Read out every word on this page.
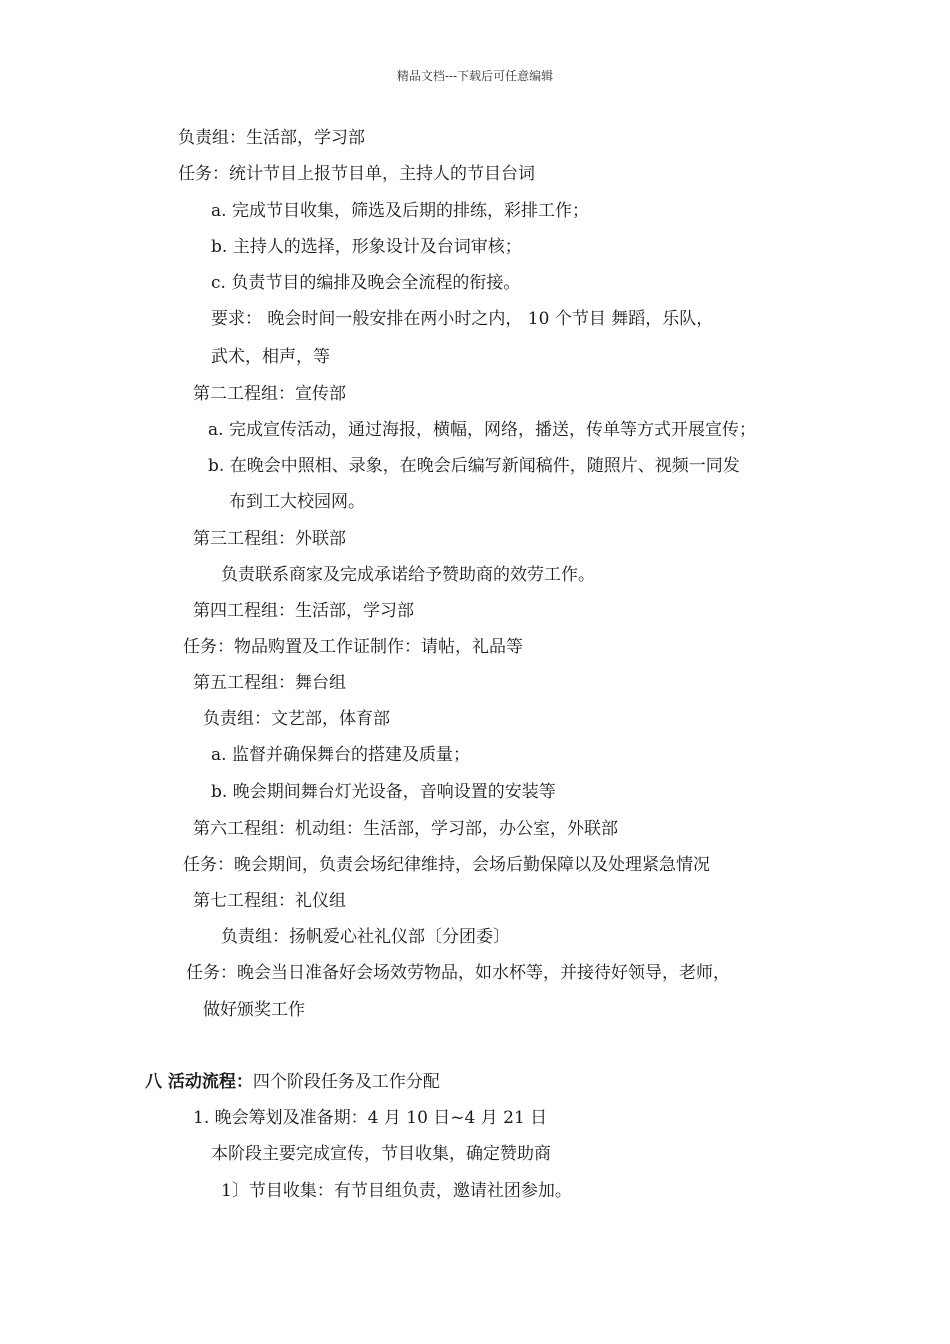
精品文档---下载后可任意编辑
负责组：生活部，学习部
任务：统计节目上报节目单，主持人的节目台词
a. 完成节目收集，筛选及后期的排练，彩排工作；
b. 主持人的选择，形象设计及台词审核；
c. 负责节目的编排及晚会全流程的衔接。
要求： 晚会时间一般安排在两小时之内， 10 个节目 舞蹈，乐队，
武术，相声，等
第二工程组：宣传部
a. 完成宣传活动，通过海报，横幅，网络，播送，传单等方式开展宣传；
b. 在晚会中照相、录象，在晚会后编写新闻稿件，随照片、视频一同发
布到工大校园网。
第三工程组：外联部
负责联系商家及完成承诺给予赞助商的效劳工作。
第四工程组：生活部，学习部
任务：物品购置及工作证制作：请帖，礼品等
第五工程组：舞台组
负责组：文艺部，体育部
a. 监督并确保舞台的搭建及质量；
b. 晚会期间舞台灯光设备，音响设置的安装等
第六工程组：机动组：生活部，学习部，办公室，外联部
任务：晚会期间，负责会场纪律维持，会场后勤保障以及处理紧急情况
第七工程组：礼仪组
负责组：扬帆爱心社礼仪部〔分团委〕
任务：晚会当日准备好会场效劳物品，如水杯等，并接待好领导，老师，
做好颁奖工作
八 活动流程：四个阶段任务及工作分配
1. 晚会筹划及准备期：4 月 10 日~4 月 21 日
本阶段主要完成宣传，节目收集，确定赞助商
1〕节目收集：有节目组负责，邀请社团参加。
